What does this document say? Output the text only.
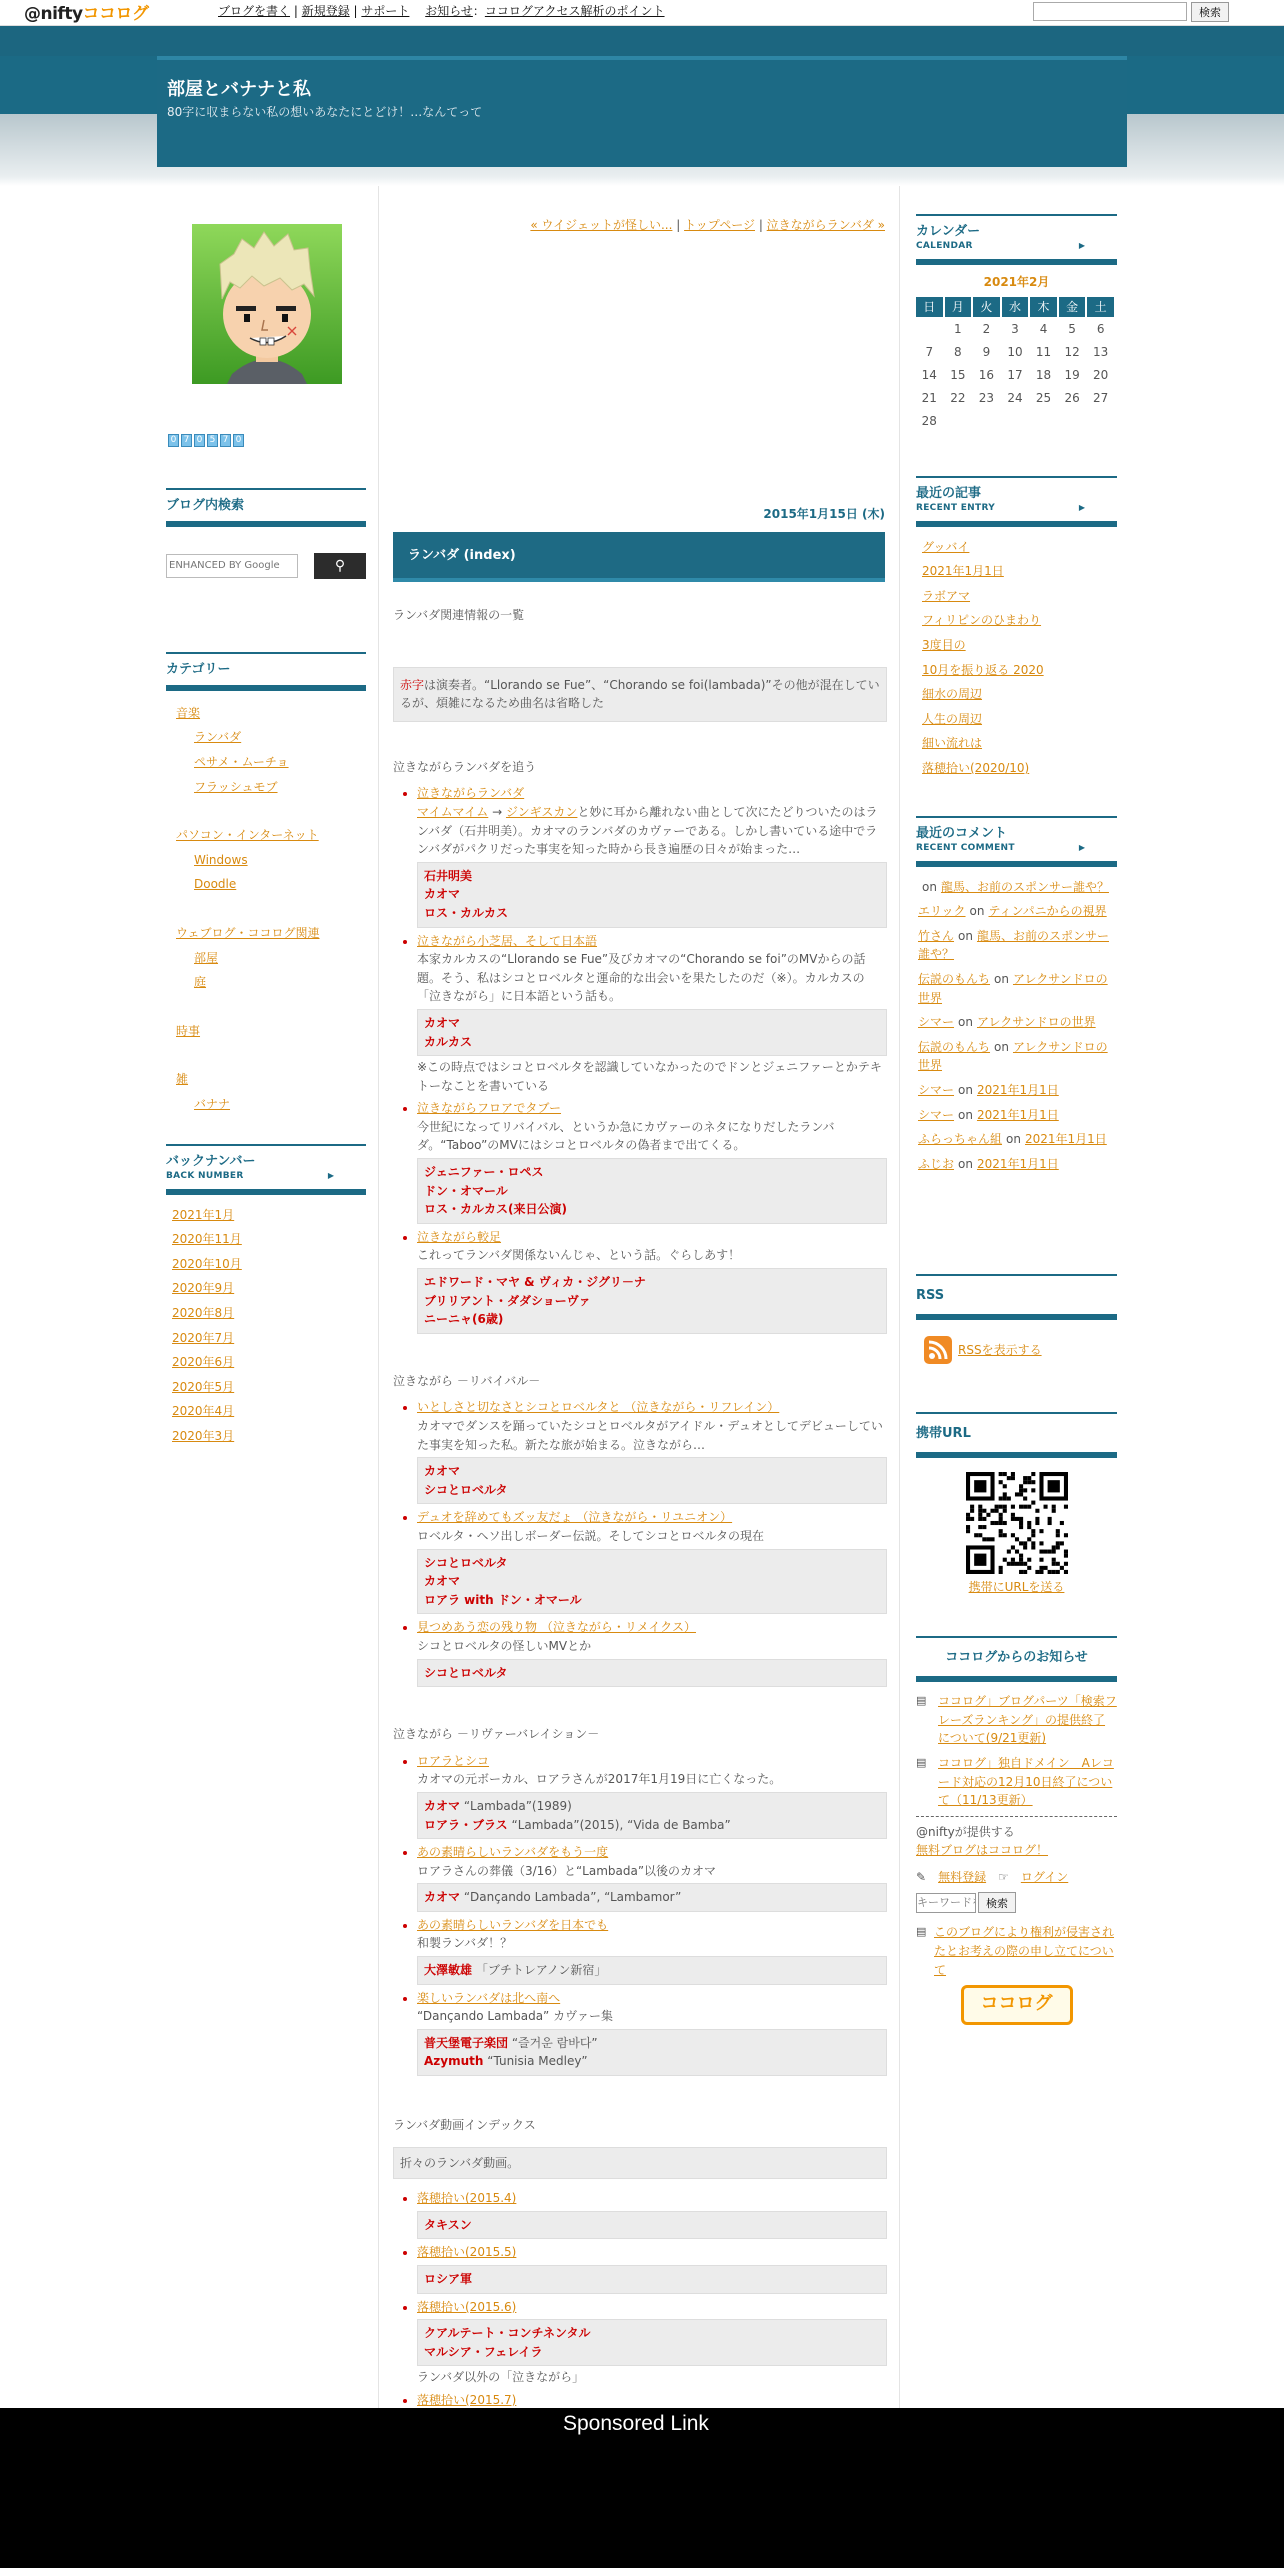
@niftyココログ	ブログを書く | 新規登録 | サポート　 お知らせ：ココログアクセス解析のポイント	検索
部屋とバナナと私
80字に収まらない私の想いあなたにとどけ！…なんてって
0 7 0 5 7 0
ブログ内検索
ENHANCED BY Google
⚲
カテゴリー
音楽
ランバダ
ペサメ・ムーチョ
フラッシュモブ
パソコン・インターネット
Windows
Doodle
ウェブログ・ココログ関連
部屋
庭
時事
雑
バナナ
バックナンバー
BACK NUMBER	▶
2021年1月
2020年11月
2020年10月
2020年9月
2020年8月
2020年7月
2020年6月
2020年5月
2020年4月
2020年3月
« ウイジェットが怪しい... | トップページ | 泣きながらランバダ »
2015年1月15日 (木)
ランバダ (index)
ランバダ関連情報の一覧
赤字は演奏者。“Llorando se Fue”、“Chorando se foi(lambada)”その他が混在しているが、煩雑になるため曲名は省略した
泣きながらランバダを追う
• 泣きながらランバダ
マイムマイム → ジンギスカンと妙に耳から離れない曲として次にたどりついたのはランバダ（石井明美）。カオマのランバダのカヴァーである。しかし書いている途中でランバダがパクリだった事実を知った時から長き遍歴の日々が始まった…
石井明美
カオマ
ロス・カルカス
• 泣きながら小芝居、そして日本語
本家カルカスの“Llorando se Fue”及びカオマの“Chorando se foi”のMVからの話題。そう、私はシコとロベルタと運命的な出会いを果たしたのだ（※）。カルカスの「泣きながら」に日本語という話も。
カオマ
カルカス
※この時点ではシコとロベルタを認識していなかったのでドンとジェニファーとかテキトーなことを書いている
• 泣きながらフロアでタブー
今世紀になってリバイバル、というか急にカヴァーのネタになりだしたランバダ。“Taboo”のMVにはシコとロベルタの偽者まで出てくる。
ジェニファー・ロペス
ドン・オマール
ロス・カルカス(来日公演)
• 泣きながら較足
これってランバダ関係ないんじゃ、という話。ぐらしあす！
エドワード・マヤ & ヴィカ・ジグリ－ナ
ブリリアント・ダダショーヴァ
ニーニャ(6歳)
泣きながら －リバイバル－
• いとしさと切なさとシコとロベルタと （泣きながら・リフレイン）
カオマでダンスを踊っていたシコとロベルタがアイドル・デュオとしてデビューしていた事実を知った私。新たな旅が始まる。泣きながら…
カオマ
シコとロベルタ
• デュオを辞めてもズッ友だょ （泣きながら・リユニオン）
ロベルタ・ヘソ出しボーダー伝説。そしてシコとロベルタの現在
シコとロベルタ
カオマ
ロアラ with ドン・オマール
• 見つめあう恋の残り物 （泣きながら・リメイクス）
シコとロベルタの怪しいMVとか
シコとロベルタ
泣きながら －リヴァーバレイション－
• ロアラとシコ
カオマの元ボーカル、ロアラさんが2017年1月19日に亡くなった。
カオマ “Lambada”(1989)
ロアラ・ブラス “Lambada”(2015), “Vida de Bamba”
• あの素晴らしいランバダをもう一度
ロアラさんの葬儀（3/16）と“Lambada”以後のカオマ
カオマ “Dançando Lambada”, “Lambamor”
• あの素晴らしいランバダを日本でも
和製ランバダ！？
大澤敏雄 「ブチトレアノン新宿」
• 楽しいランバダは北へ南へ
“Dançando Lambada” カヴァー集
普天堡電子楽団 “즐거운 람바다”
Azymuth “Tunisia Medley”
ランバダ動画インデックス
折々のランバダ動画。
• 落穂拾い(2015.4)
タキスン
• 落穂拾い(2015.5)
ロシア軍
• 落穂拾い(2015.6)
クアルテート・コンチネンタル
マルシア・フェレイラ
ランバダ以外の「泣きながら」
• 落穂拾い(2015.7)
•
カレンダー
CALENDAR	▶
2021年2月
日	月	火	水	木	金	土
	1	2	3	4	5	6
7	8	9	10	11	12	13
14	15	16	17	18	19	20
21	22	23	24	25	26	27
28						
最近の記事
RECENT ENTRY	▶
グッバイ
2021年1月1日
ラボアマ
フィリピンのひまわり
3度目の
10月を振り返る 2020
細水の周辺
人生の周辺
細い流れは
落穂拾い(2020/10)
最近のコメント
RECENT COMMENT	▶
on 龍馬、お前のスポンサー誰や？
エリック on ティンパニからの視界
竹さん on 龍馬、お前のスポンサー誰や？
伝説のもんち on アレクサンドロの世界
シマー on アレクサンドロの世界
伝説のもんち on アレクサンドロの世界
シマー on 2021年1月1日
シマー on 2021年1月1日
ふらっちゃん組 on 2021年1月1日
ふじお on 2021年1月1日
RSS
RSSを表示する
携帯URL
携帯にURLを送る
ココログからのお知らせ
▤ ココログ」ブログパーツ「検索フレーズランキング」の提供終了について(9/21更新)
▤ ココログ」独自ドメイン　Aレコード対応の12月10日終了について（11/13更新）
@niftyが提供する
無料ブログはココログ！
✎ 無料登録 ☞ ログイン
キーワードを入力
検索
▤ このブログにより権利が侵害されたとお考えの際の申し立てについて
ココログ
Sponsored Link
